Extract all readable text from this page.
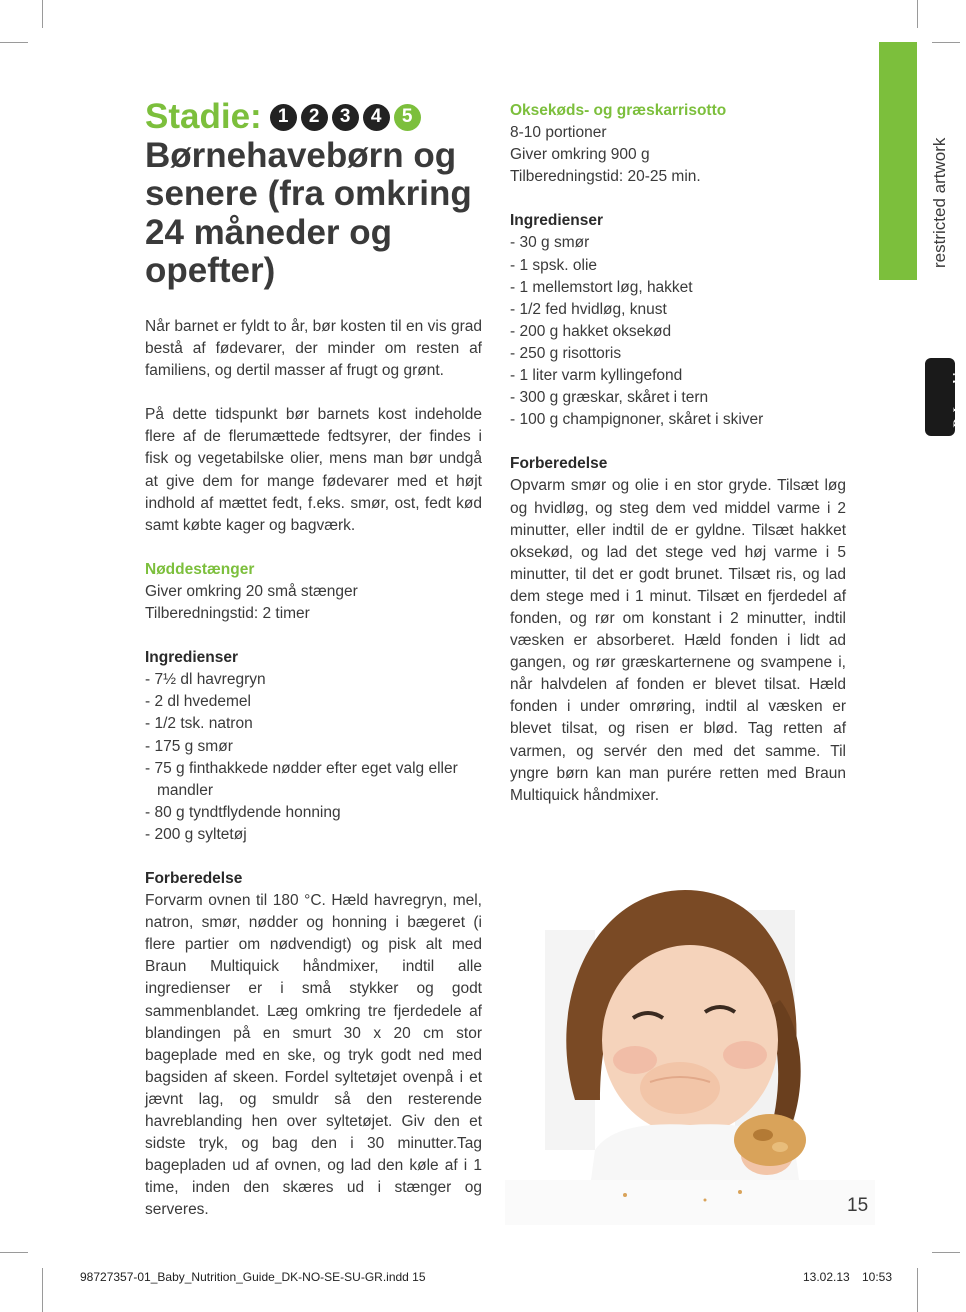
Stadie: 1	2	3	4	5
Børnehavebørn og
senere (fra omkring
24 måneder og
opefter)

Når barnet er fyldt to år, bør kosten til en vis grad bestå af fødevarer, der minder om resten af familiens, og dertil masser af frugt og grønt.

På dette tidspunkt bør barnets kost indeholde flere af de flerumættede fedtsyrer, der findes i fisk og vegetabilske olier, mens man bør undgå at give dem for mange fødevarer med et højt indhold af mættet fedt, f.eks. smør, ost, fedt kød samt købte kager og bagværk.

Nøddestænger

Giver omkring 20 små stænger

Tilberedningstid: 2 timer

Ingredienser

- 7½ dl havregryn
- 2 dl hvedemel
- 1/2 tsk. natron
- 175 g smør
- 75 g finthakkede nødder efter eget valg eller mandler
- 80 g tyndtflydende honning
- 200 g syltetøj

Forberedelse

Forvarm ovnen til 180 °C. Hæld havregryn, mel, natron, smør, nødder og honning i bægeret (i flere partier om nødvendigt) og pisk alt med Braun Multiquick håndmixer, indtil alle ingredienser er i små stykker og godt sammenblandet. Læg omkring tre fjerdedele af blandingen på en smurt 30 x 20 cm stor bageplade med en ske, og tryk godt ned med bagsiden af skeen. Fordel syltetøjet ovenpå i et jævnt lag, og smuldr så den resterende havreblanding hen over syltetøjet. Giv den et sidste tryk, og bag den i 30 minutter.Tag bagepladen ud af ovnen, og lad den køle af i 1 time, inden den skæres ud i stænger og serveres.

Oksekøds- og græskarrisotto

8-10 portioner

Giver omkring 900 g

Tilberedningstid: 20-25 min.

Ingredienser

- 30 g smør
- 1 spsk. olie
- 1 mellemstort løg, hakket
- 1/2 fed hvidløg, knust
- 200 g hakket oksekød
- 250 g risottoris
- 1 liter varm kyllingefond
- 300 g græskar, skåret i tern
- 100 g champignoner, skåret i skiver

Forberedelse

Opvarm smør og olie i en stor gryde. Tilsæt løg og hvidløg, og steg dem ved middel varme i 2 minutter, eller indtil de er gyldne. Tilsæt hakket oksekød, og lad det stege ved høj varme i 5 minutter, til det er godt brunet. Tilsæt ris, og lad dem stege med i 1 minut. Tilsæt en fjerdedel af fonden, og rør om konstant i 2 minutter, indtil væsken er absorberet. Hæld fonden i lidt ad gangen, og rør græskarternene og svampene i, når halvdelen af fonden er blevet tilsat. Hæld fonden i under omrøring, indtil al væsken er blevet tilsat, og risen er blød. Tag retten af varmen, og servér den med det samme. Til yngre børn kan man purére retten med Braun Multiquick håndmixer.

restricted artwork
DeLonghi
15
98727357-01_Baby_Nutrition_Guide_DK-NO-SE-SU-GR.indd 15	13.02.13 10:53
